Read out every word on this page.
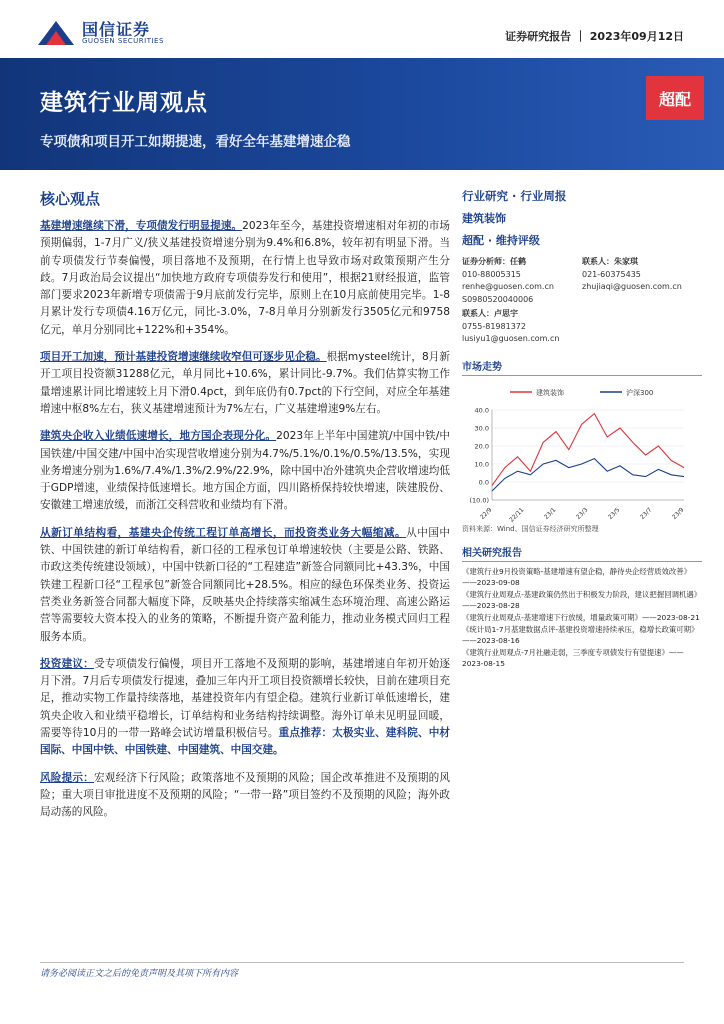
国信证券
GUOSEN SECURITIES	证券研究报告 ｜ 2023年09月12日
建筑行业周观点
专项债和项目开工如期提速，看好全年基建增速企稳
超配
核心观点

基建增速继续下滑，专项债发行明显提速。2023年至今，基建投资增速相对年初的市场预期偏弱，1-7月广义/狭义基建投资增速分别为9.4%和6.8%，较年初有明显下滑。当前专项债发行节奏偏慢，项目落地不及预期，在行情上也导致市场对政策预期产生分歧。7月政治局会议提出“加快地方政府专项债券发行和使用”，根据21财经报道，监管部门要求2023年新增专项债需于9月底前发行完毕，原则上在10月底前使用完毕。1-8月累计发行专项债4.16万亿元，同比-3.0%，7-8月单月分别新发行3505亿元和9758亿元，单月分别同比+122%和+354%。

项目开工加速，预计基建投资增速继续收窄但可逐步见企稳。根据mysteel统计，8月新开工项目投资额31288亿元，单月同比+10.6%，累计同比-9.7%。我们估算实物工作量增速累计同比增速较上月下滑0.4pct，到年底仍有0.7pct的下行空间，对应全年基建增速中枢8%左右，狭义基建增速预计为7%左右，广义基建增速9%左右。

建筑央企收入业绩低速增长，地方国企表现分化。2023年上半年中国建筑/中国中铁/中国铁建/中国交建/中国中冶实现营收增速分别为4.7%/5.1%/0.1%/0.5%/13.5%，实现业务增速分别为1.6%/7.4%/1.3%/2.9%/22.9%，除中国中冶外建筑央企营收增速均低于GDP增速，业绩保持低速增长。地方国企方面，四川路桥保持较快增速，陕建股份、安徽建工增速放缓，而浙江交科营收和业绩均有下滑。

从新订单结构看，基建央企传统工程订单高增长，而投资类业务大幅缩减。从中国中铁、中国铁建的新订单结构看，新口径的工程承包订单增速较快（主要是公路、铁路、市政这类传统建设领域），中国中铁新口径的“工程建造”新签合同额同比+43.3%，中国铁建工程新口径“工程承包”新签合同额同比+28.5%。相应的绿色环保类业务、投资运营类业务新签合同都大幅度下降，反映基央企持续落实缩减生态环境治理、高速公路运营等需要较大资本投入的业务的策略，不断提升资产盈利能力，推动业务模式回归工程服务本质。

投资建议：受专项债发行偏慢，项目开工落地不及预期的影响，基建增速自年初开始逐月下滑。7月后专项债发行提速，叠加三年内开工项目投资额增长较快，目前在建项目充足，推动实物工作量持续落地，基建投资年内有望企稳。建筑行业新订单低速增长，建筑央企收入和业绩平稳增长，订单结构和业务结构持续调整。海外订单未见明显回暖，需要等待10月的一带一路峰会试访增量积极信号。重点推荐：太极实业、建科院、中材国际、中国中铁、中国铁建、中国建筑、中国交建。

风险提示：宏观经济下行风险；政策落地不及预期的风险；国企改革推进不及预期的风险；重大项目审批进度不及预期的风险；“一带一路”项目签约不及预期的风险；海外政局动荡的风险。

行业研究 · 行业周报
建筑装饰
超配 · 维持评级
证券分析师：任鹤
010-88005315
renhe@guosen.com.cn
S0980520040006
联系人：朱家琪
021-60375435
zhujiaqi@guosen.com.cn
联系人：卢思宇
0755-81981372
lusiyu1@guosen.com.cn
市场走势
建筑装饰	沪深300
40.0
30.0
20.0
10.0
0.0
(10.0)
22/9 22/11	23/1	23/3	23/5	23/7	23/9
资料来源：Wind、国信证券经济研究所整理
相关研究报告
《建筑行业9月投资策略-基建增速有望企稳，静待央企经营质效改善》——2023-09-08
《建筑行业周观点-基建政策仍然出于积极发力阶段，建议把握回调机遇》——2023-08-28
《建筑行业周观点-基建增速下行放缓，增量政策可期》——2023-08-21
《统计局1-7月基建数据点评-基建投资增速持续承压，稳增长政策可期》——2023-08-16
《建筑行业周观点-7月社融走弱，三季度专项债发行有望提速》——2023-08-15
请务必阅读正文之后的免责声明及其项下所有内容
